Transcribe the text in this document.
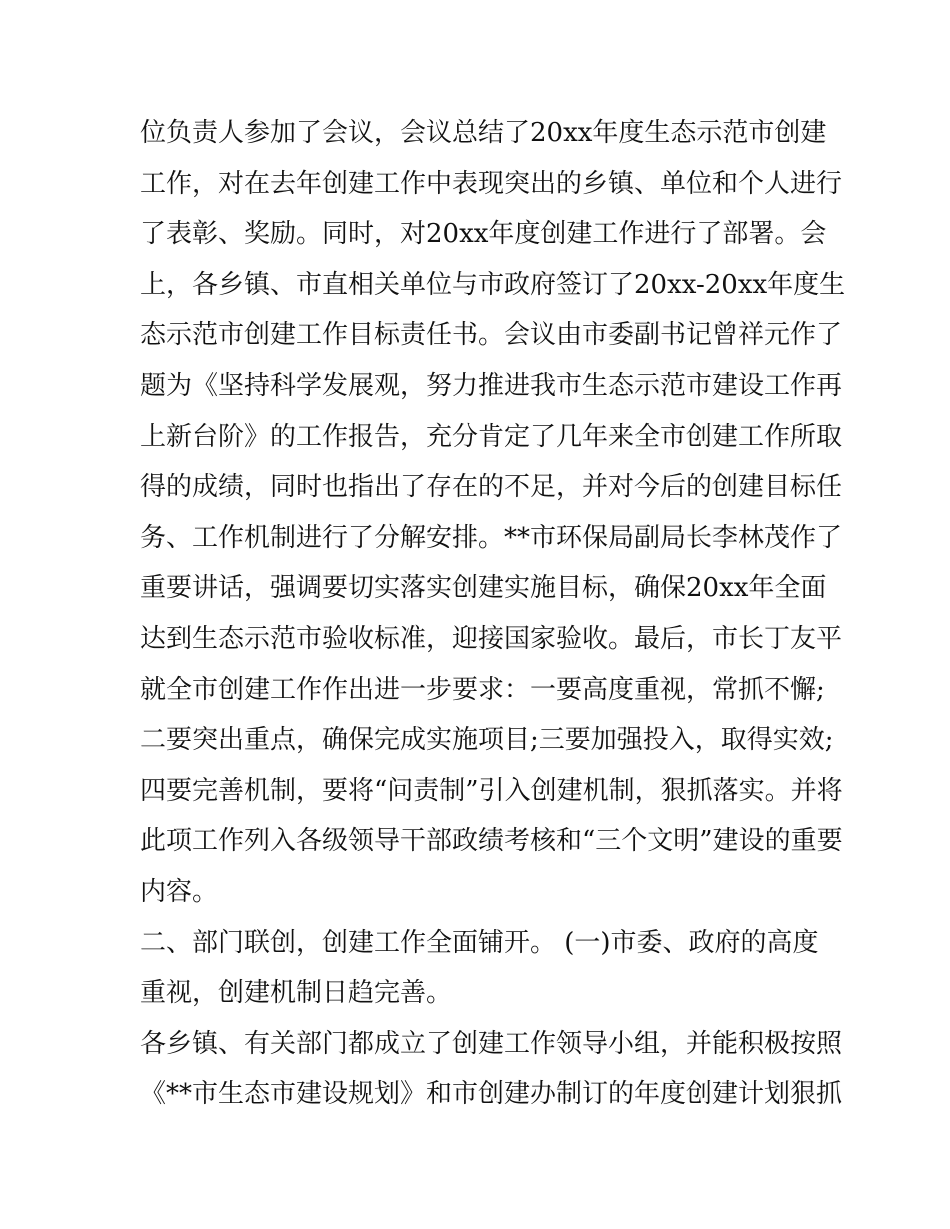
位负责人参加了会议，会议总结了20xx年度生态示范市创建
工作，对在去年创建工作中表现突出的乡镇、单位和个人进行
了表彰、奖励。同时，对20xx年度创建工作进行了部署。会
上，各乡镇、市直相关单位与市政府签订了20xx-20xx年度生
态示范市创建工作目标责任书。会议由市委副书记曾祥元作了
题为《坚持科学发展观，努力推进我市生态示范市建设工作再
上新台阶》的工作报告，充分肯定了几年来全市创建工作所取
得的成绩，同时也指出了存在的不足，并对今后的创建目标任
务、工作机制进行了分解安排。**市环保局副局长李林茂作了
重要讲话，强调要切实落实创建实施目标，确保20xx年全面
达到生态示范市验收标准，迎接国家验收。最后，市长丁友平
就全市创建工作作出进一步要求：一要高度重视，常抓不懈;
二要突出重点，确保完成实施项目;三要加强投入，取得实效;
四要完善机制，要将“问责制”引入创建机制，狠抓落实。并将
此项工作列入各级领导干部政绩考核和“三个文明”建设的重要
内容。
二、部门联创，创建工作全面铺开。 (一)市委、政府的高度
重视，创建机制日趋完善。
各乡镇、有关部门都成立了创建工作领导小组，并能积极按照
《**市生态市建设规划》和市创建办制订的年度创建计划狠抓
